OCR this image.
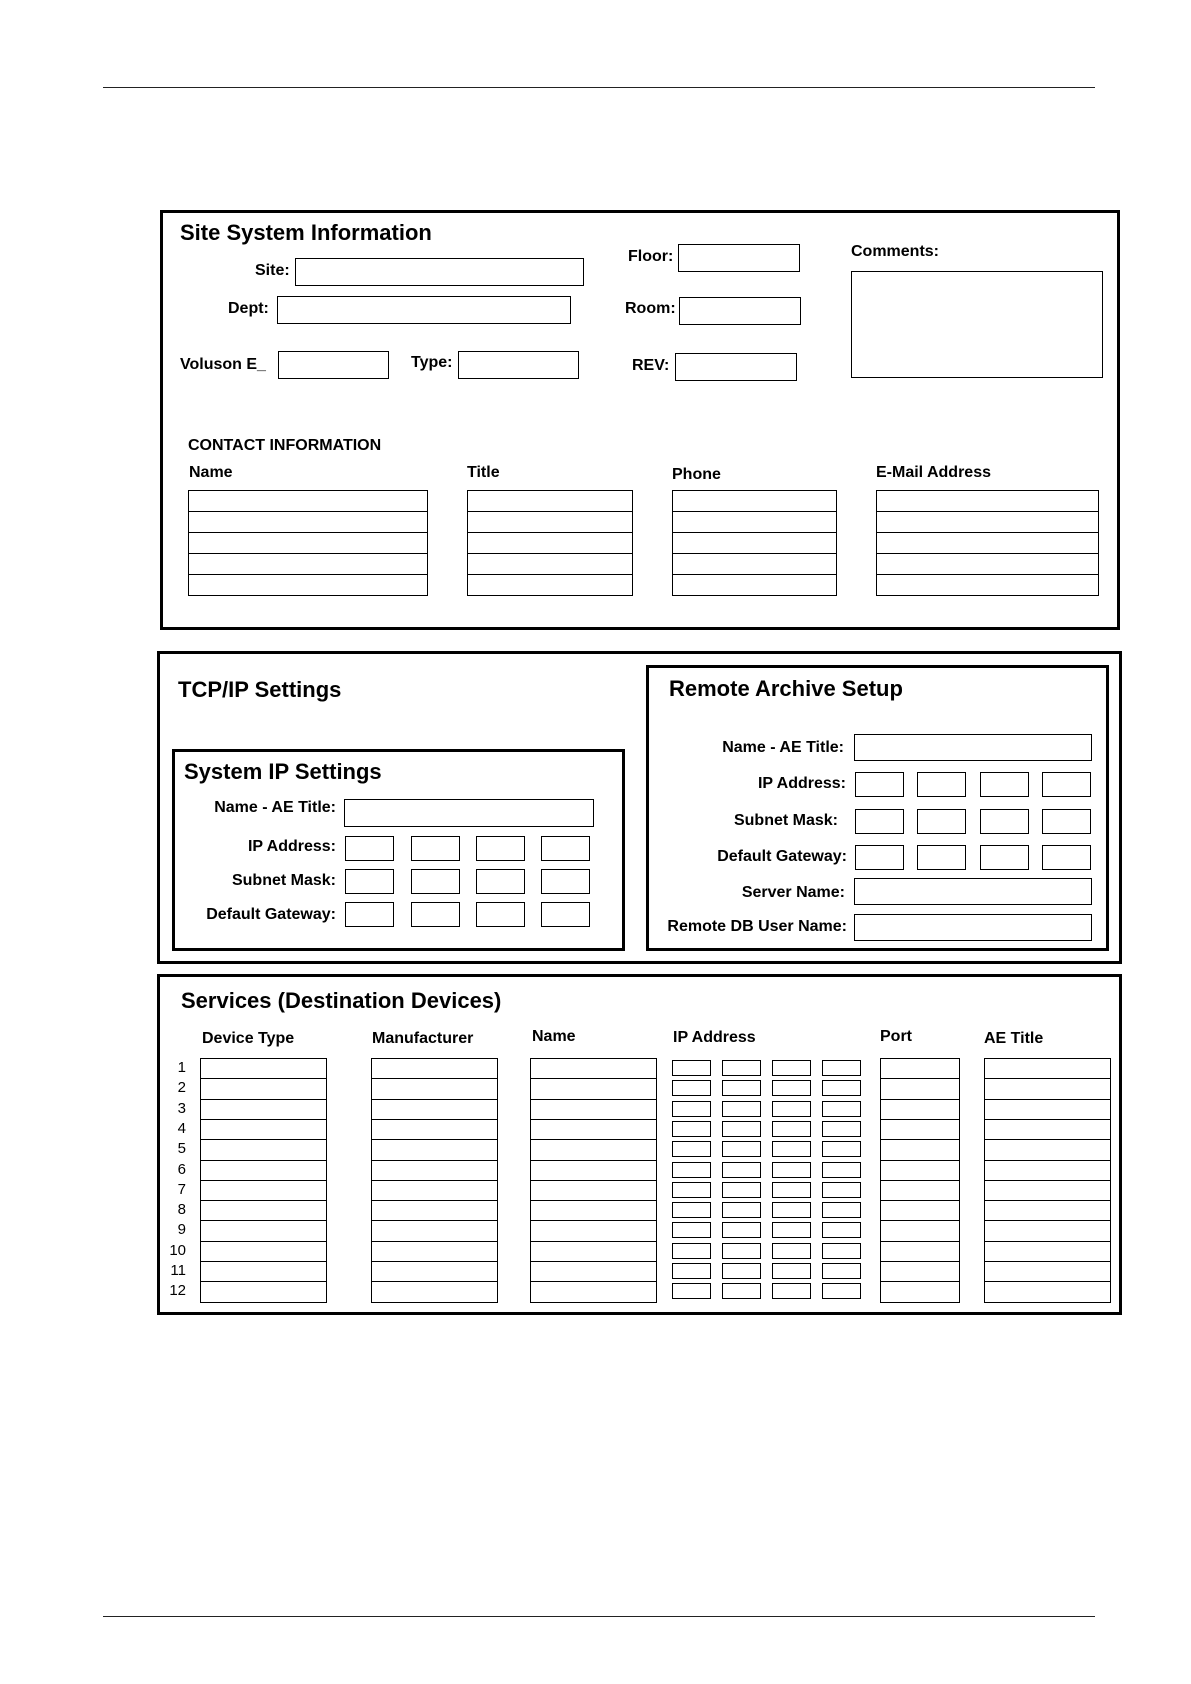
Site System Information
Site:
Dept:
Voluson E_	Type:
Floor:
Room:
REV:
Comments:
CONTACT INFORMATION
Name	Title	Phone	E-Mail Address
TCP/IP Settings
System IP Settings
Name - AE Title:
IP Address:
Subnet Mask:
Default Gateway:
Remote Archive Setup
Name - AE Title:
IP Address:
Subnet Mask:
Default Gateway:
Server Name:
Remote DB User Name:
Services (Destination Devices)
Device Type	Manufacturer	Name	IP Address	Port	AE Title
1
2
3
4
5
6
7
8
9
10
11
12
